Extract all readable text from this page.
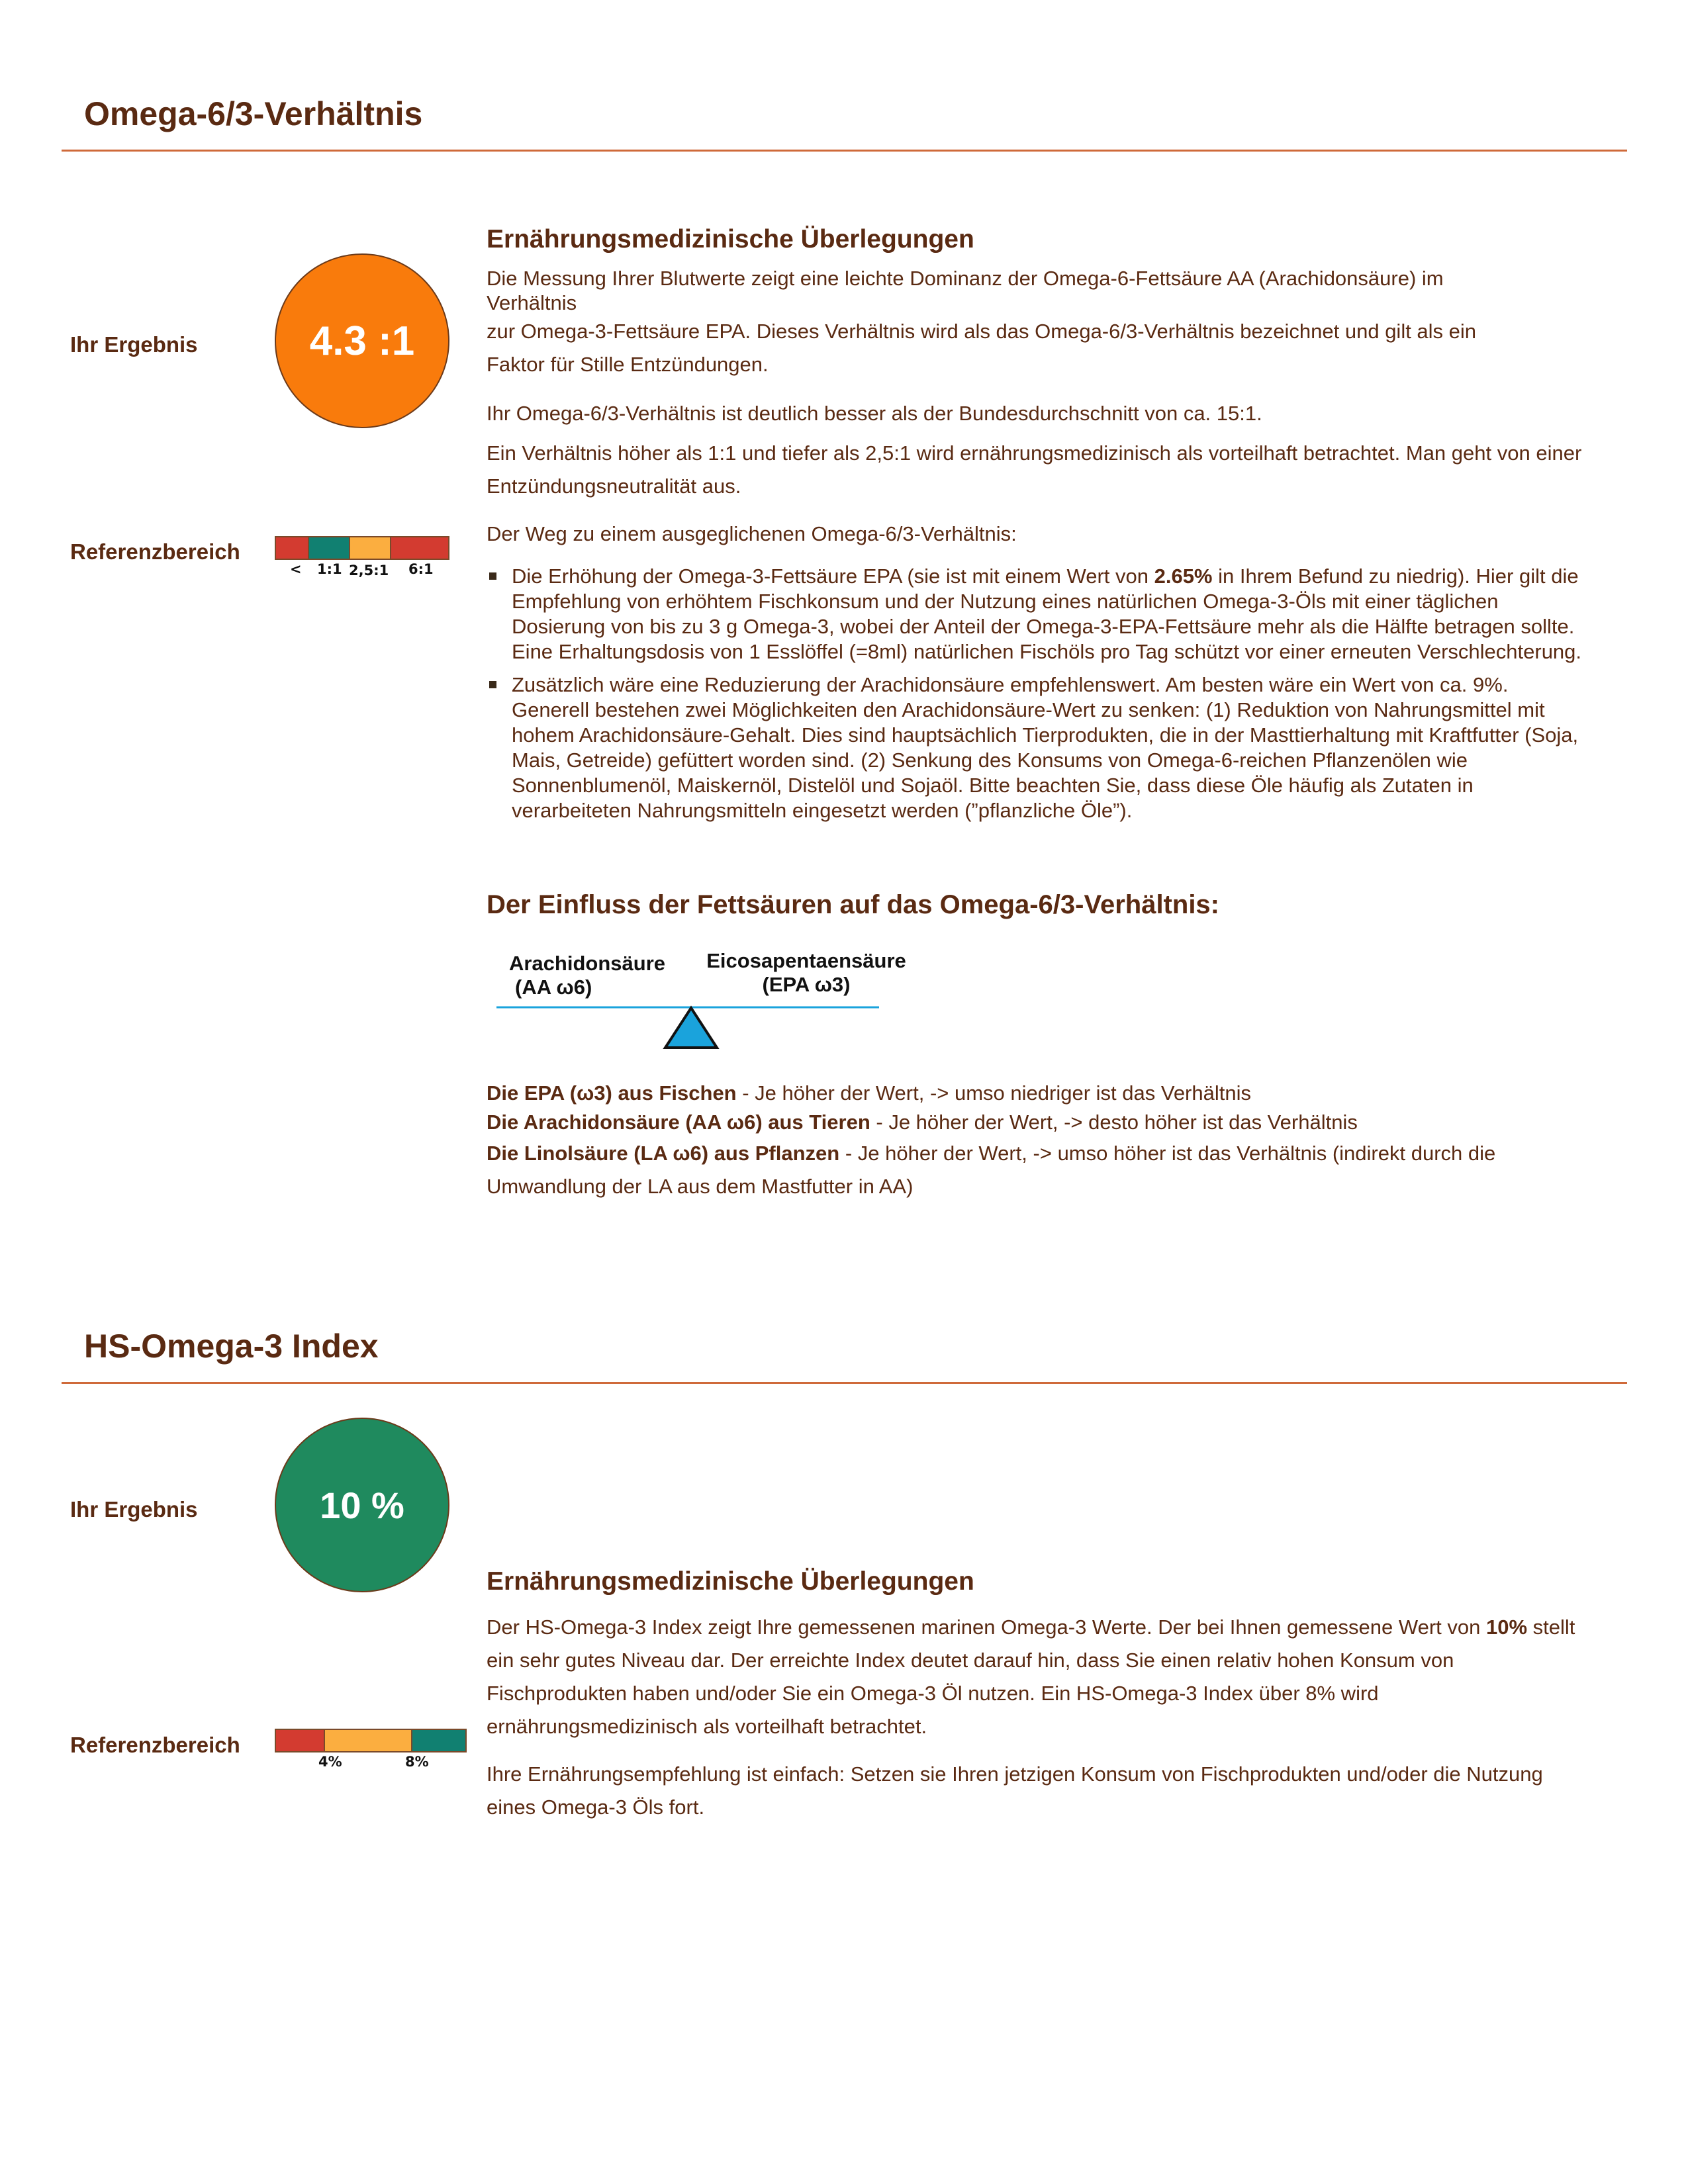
Omega-6/3-Verhältnis
Ihr Ergebnis	4.3 :1
Referenzbereich
< 1:1 2,5:1 6:1
Ernährungsmedizinische Überlegungen
Die Messung Ihrer Blutwerte zeigt eine leichte Dominanz der Omega-6-Fettsäure AA (Arachidonsäure) im
Verhältnis
zur Omega-3-Fettsäure EPA. Dieses Verhältnis wird als das Omega-6/3-Verhältnis bezeichnet und gilt als ein
Faktor für Stille Entzündungen.
Ihr Omega-6/3-Verhältnis ist deutlich besser als der Bundesdurchschnitt von ca. 15:1.
Ein Verhältnis höher als 1:1 und tiefer als 2,5:1 wird ernährungsmedizinisch als vorteilhaft betrachtet. Man geht von einer Entzündungsneutralität aus.
Der Weg zu einem ausgeglichenen Omega-6/3-Verhältnis:
Die Erhöhung der Omega-3-Fettsäure EPA (sie ist mit einem Wert von 2.65% in Ihrem Befund zu niedrig). Hier gilt die Empfehlung von erhöhtem Fischkonsum und der Nutzung eines natürlichen Omega-3-Öls mit einer täglichen Dosierung von bis zu 3 g Omega-3, wobei der Anteil der Omega-3-EPA-Fettsäure mehr als die Hälfte betragen sollte. Eine Erhaltungsdosis von 1 Esslöffel (=8ml) natürlichen Fischöls pro Tag schützt vor einer erneuten Verschlechterung.
Zusätzlich wäre eine Reduzierung der Arachidonsäure empfehlenswert. Am besten wäre ein Wert von ca. 9%. Generell bestehen zwei Möglichkeiten den Arachidonsäure-Wert zu senken: (1) Reduktion von Nahrungsmittel mit hohem Arachidonsäure-Gehalt. Dies sind hauptsächlich Tierprodukten, die in der Masttierhaltung mit Kraftfutter (Soja, Mais, Getreide) gefüttert worden sind. (2) Senkung des Konsums von Omega-6-reichen Pflanzenölen wie Sonnenblumenöl, Maiskernöl, Distelöl und Sojaöl. Bitte beachten Sie, dass diese Öle häufig als Zutaten in verarbeiteten Nahrungsmitteln eingesetzt werden (”pflanzliche Öle”).
Der Einfluss der Fettsäuren auf das Omega-6/3-Verhältnis:
Arachidonsäure
(AA ω6)
Eicosapentaensäure
(EPA ω3)
Die EPA (ω3) aus Fischen - Je höher der Wert, -> umso niedriger ist das Verhältnis
Die Arachidonsäure (AA ω6) aus Tieren - Je höher der Wert, -> desto höher ist das Verhältnis
Die Linolsäure (LA ω6) aus Pflanzen - Je höher der Wert, -> umso höher ist das Verhältnis (indirekt durch die Umwandlung der LA aus dem Mastfutter in AA)
HS-Omega-3 Index
Ihr Ergebnis	10 %
Referenzbereich
4%	8%
Ernährungsmedizinische Überlegungen
Der HS-Omega-3 Index zeigt Ihre gemessenen marinen Omega-3 Werte. Der bei Ihnen gemessene Wert von 10% stellt ein sehr gutes Niveau dar. Der erreichte Index deutet darauf hin, dass Sie einen relativ hohen Konsum von Fischprodukten haben und/oder Sie ein Omega-3 Öl nutzen. Ein HS-Omega-3 Index über 8% wird ernährungsmedizinisch als vorteilhaft betrachtet.
Ihre Ernährungsempfehlung ist einfach: Setzen sie Ihren jetzigen Konsum von Fischprodukten und/oder die Nutzung eines Omega-3 Öls fort.
